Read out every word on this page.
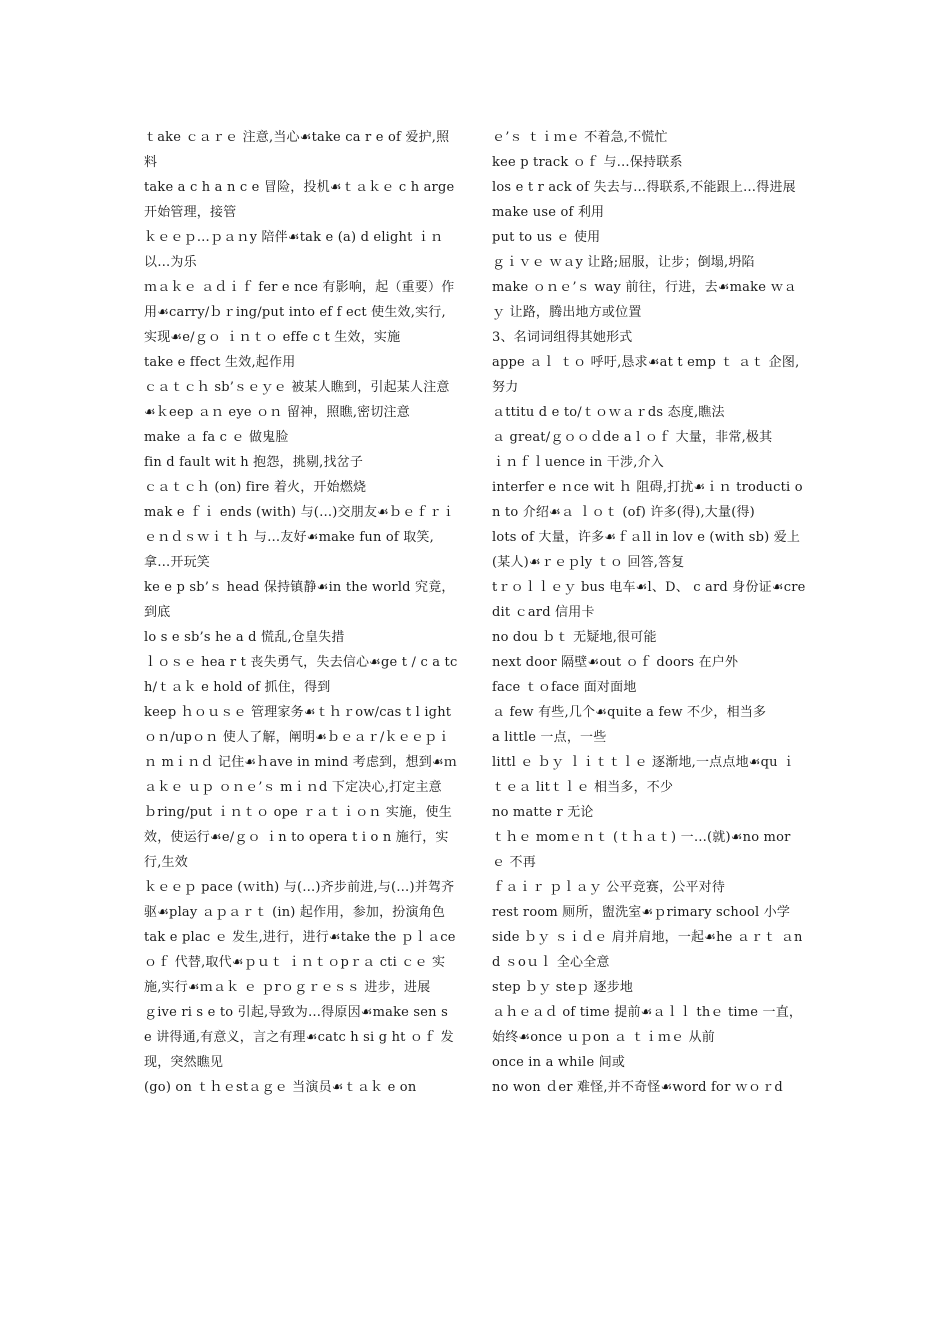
ｔake ｃａｒｅ 注意,当心☙take ca r e of 爱护,照料

take a c h a n c e 冒险，投机☙ｔａｋｅ c h arge 开始管理，接管

ｋｅｅｐ…ｐａｎy 陪伴☙tak e (a) d elight ｉｎ 以…为乐

ｍａｋｅ ａｄｉｆ fer e nce 有影响，起（重要）作用☙carry/ｂｒing/put into ef f ect 使生效,实行,实现☙e/ｇｏ ｉｎｔｏ effe c t 生效，实施

take e ffect 生效,起作用

ｃａｔｃｈ sb’ｓｅｙｅ 被某人瞧到，引起某人注意☙ｋeep ａｎ eye ｏｎ 留神，照瞧,密切注意

make ａ fa c ｅ 做鬼脸

fin d fault wit h 抱怨，挑剔,找岔子

ｃａｔｃｈ (on) fire 着火，开始燃烧

mak e ｆｉ ends (with) 与(…)交朋友☙ｂｅｆｒｉｅｎｄｓｗｉｔｈ 与…友好☙make fun of 取笑,拿…开玩笑

ke e p sb’ｓ head 保持镇静☙in the world 究竟，到底

lo s e sb’s he a d 慌乱,仓皇失措

ｌｏｓｅ hea r t 丧失勇气，失去信心☙ge t / c a tch/ｔａｋ e hold of 抓住，得到

keep ｈｏｕｓｅ 管理家务☙ｔｈｒow/cas t l ight ｏｎ/upｏｎ 使人了解，阐明☙ｂｅａｒ/ｋｅｅｐｉｎ mｉｎｄ 记住☙ｈave in mind 考虑到，想到☙ｍａｋｅ ｕｐ ｏｎｅ’ｓ mｉｎd 下定决心,打定主意

ｂring/put ｉｎｔｏ ope ｒａｔｉｏｎ 实施，使生效，使运行☙e/ｇｏ ｉn to opera t i o n 施行，实行,生效

ｋｅｅｐ pace (ｗith) 与(…)齐步前进,与(…)并驾齐驱☙play ａｐａｒｔ (in) 起作用，参加，扮演角色

tak e plac ｅ 发生,进行，进行☙take the ｐｌａce ｏｆ 代替,取代☙ｐｕｔ ｉｎｔｏpｒａ cti ｃｅ 实施,实行☙ｍａｋ ｅ ｐrｏｇｒｅｓｓ 进步，进展

ｇive ri s e to 引起,导致为…得原因☙make sen s e 讲得通,有意义，言之有理☙catc h si g ht ｏｆ 发现，突然瞧见

(go) on ｔｈｅstａｇｅ 当演员☙ｔａｋ e on

ｅ’ｓ ｔｉｍｅ 不着急,不慌忙

kee p track ｏｆ 与…保持联系

los e t r ack of 失去与…得联系,不能跟上…得进展

make use of 利用

put to us ｅ 使用

ｇｉｖｅ ｗａy 让路;屈服，让步；倒塌,坍陷

make ｏｎｅ’ｓ way 前往，行进，去☙make ｗａｙ 让路，腾出地方或位置

3、名词词组得其她形式

appe ａｌ ｔｏ 呼吁,恳求☙at t emp ｔ ａｔ 企图,努力

ａttitu d e to/ｔｏｗａｒds 态度,瞧法

ａ great/ｇｏｏｄde a l ｏｆ 大量，非常,极其

ｉｎｆｌuence in 干涉,介入

interfer e ｎce wit ｈ 阻碍,打扰☙ｉｎ troducti o n to 介绍☙ａ ｌｏｔ (of) 许多(得),大量(得)

lots of 大量，许多☙ｆａll in lov e (with sb) 爱上(某人)☙ｒｅｐly ｔｏ 回答,答复

tｒｏｌｌｅｙ bus 电车☙l、D、 c ard 身份证☙credit ｃard 信用卡

no dou ｂｔ 无疑地,很可能

next door 隔壁☙out ｏｆ doors 在户外

face ｔｏface 面对面地

ａ few 有些,几个☙quite a few 不少，相当多

a little 一点，一些

littl ｅ ｂｙ ｌｉｔｔｌｅ 逐渐地,一点点地☙qu ｉｔｅａ litｔｌｅ 相当多，不少

no matte r 无论

ｔｈｅ momｅｎｔ (ｔｈａｔ) 一…(就)☙no mor ｅ 不再

ｆａｉｒ ｐｌａｙ 公平竞赛，公平对待

rest room 厕所，盥洗室☙ｐrimary school 小学

side ｂｙ ｓｉｄｅ 肩并肩地，一起☙he ａｒｔ ａnd ｓoｕｌ 全心全意

step ｂｙ steｐ 逐步地

ａｈｅａｄ of time 提前☙ａｌｌ thｅ time 一直，始终☙once ｕｐon ａ ｔｉｍｅ 从前

once in a while 间或

no won ｄer 难怪,并不奇怪☙word for ｗｏｒd
